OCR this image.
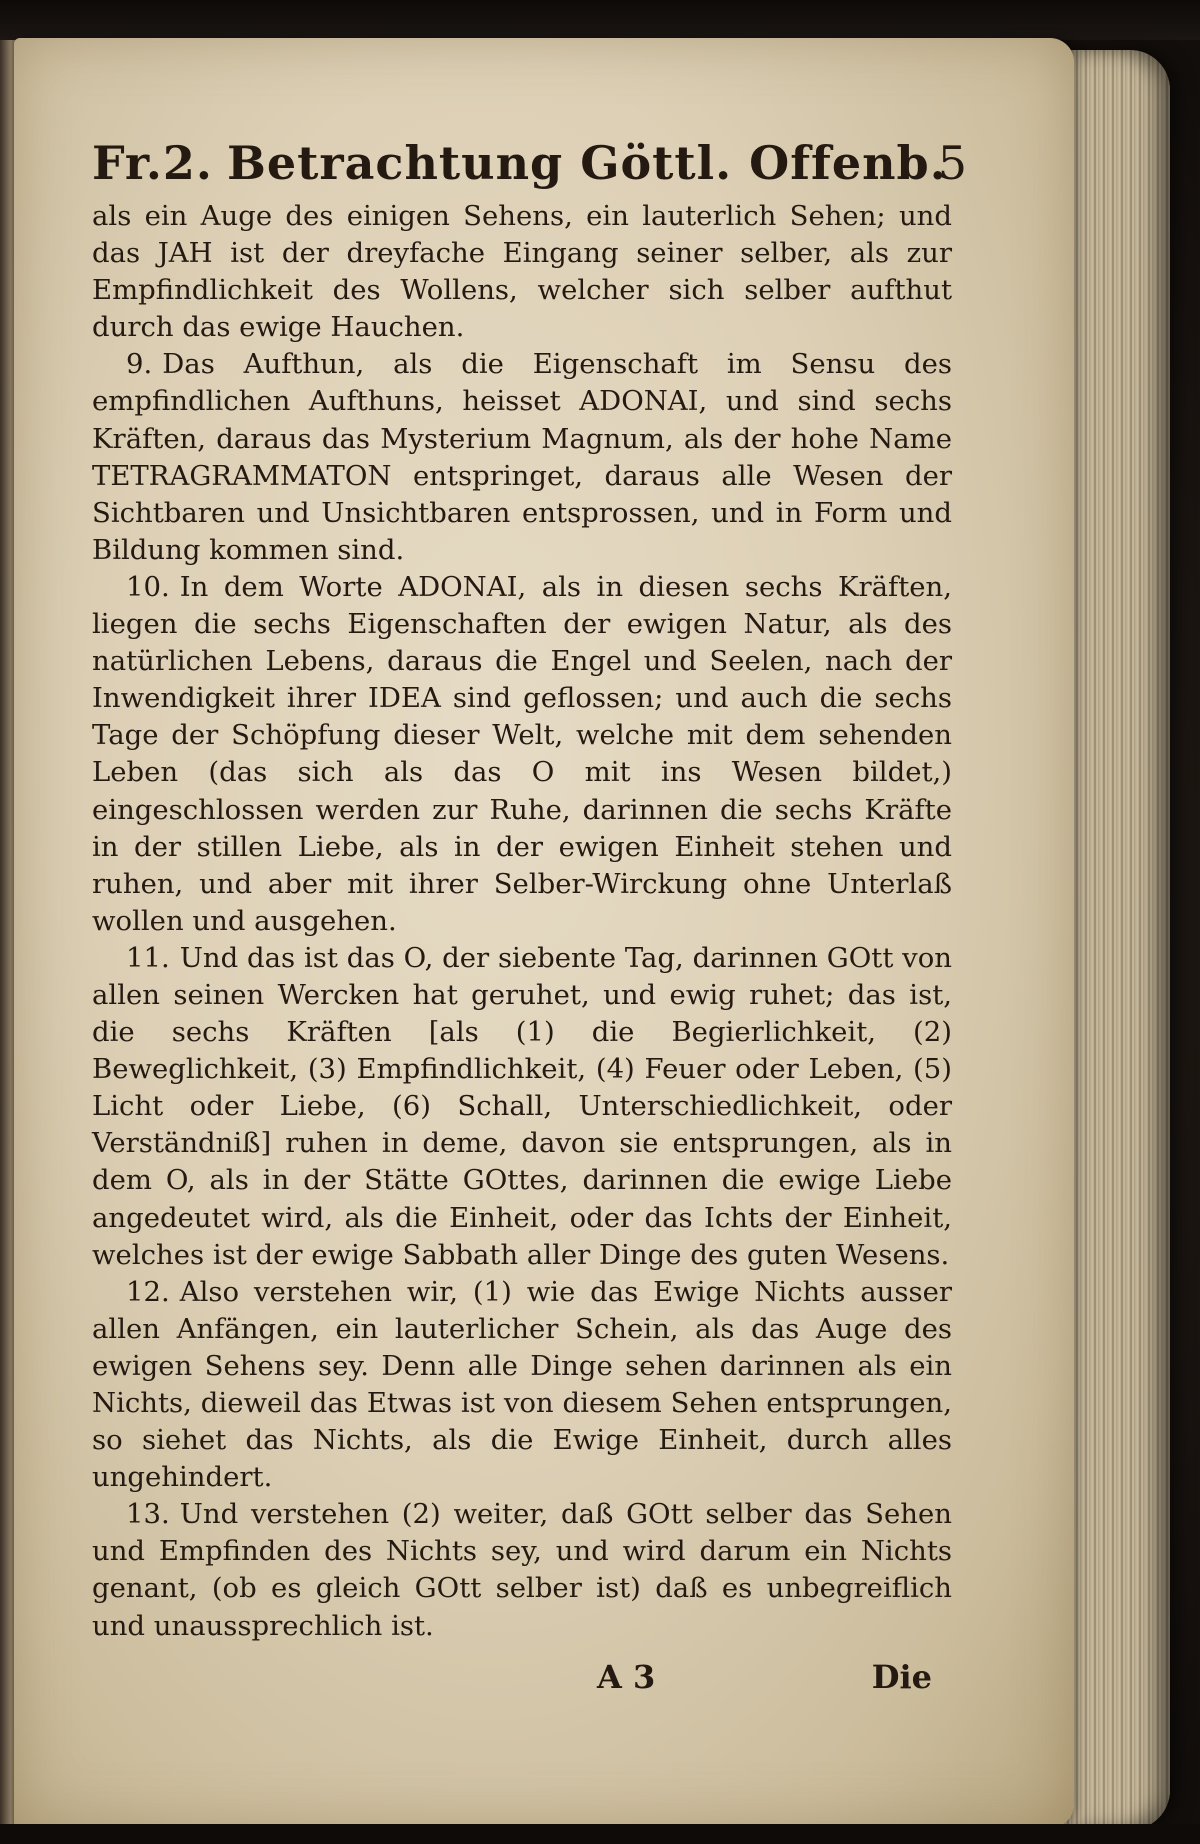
Fr.2. Betrachtung Göttl. Offenb.
5

als ein Auge des einigen Sehens, ein lauterlich Sehen; und das JAH ist der dreyfache Eingang seiner selber, als zur Empfindlichkeit des Wollens, welcher sich selber aufthut durch das ewige Hauchen.

9. Das Aufthun, als die Eigenschaft im Sensu des empfindlichen Aufthuns, heisset ADONAI, und sind sechs Kräften, daraus das Mysterium Magnum, als der hohe Name TETRAGRAMMATON entspringet, daraus alle Wesen der Sichtbaren und Unsichtbaren entsprossen, und in Form und Bildung kommen sind.

10. In dem Worte ADONAI, als in diesen sechs Kräften, liegen die sechs Eigenschaften der ewigen Natur, als des natürlichen Lebens, daraus die Engel und Seelen, nach der Inwendigkeit ihrer IDEA sind geflossen; und auch die sechs Tage der Schöpfung dieser Welt, welche mit dem sehenden Leben (das sich als das O mit ins Wesen bildet,) eingeschlossen werden zur Ruhe, darinnen die sechs Kräfte in der stillen Liebe, als in der ewigen Einheit stehen und ruhen, und aber mit ihrer Selber-Wirckung ohne Unterlaß wollen und ausgehen.

11. Und das ist das O, der siebente Tag, darinnen GOtt von allen seinen Wercken hat geruhet, und ewig ruhet; das ist, die sechs Kräften [als (1) die Begierlichkeit, (2) Beweglichkeit, (3) Empfindlichkeit, (4) Feuer oder Leben, (5) Licht oder Liebe, (6) Schall, Unterschiedlichkeit, oder Verständniß] ruhen in deme, davon sie entsprungen, als in dem O, als in der Stätte GOttes, darinnen die ewige Liebe angedeutet wird, als die Einheit, oder das Ichts der Einheit, welches ist der ewige Sabbath aller Dinge des guten Wesens.

12. Also verstehen wir, (1) wie das Ewige Nichts ausser allen Anfängen, ein lauterlicher Schein, als das Auge des ewigen Sehens sey. Denn alle Dinge sehen darinnen als ein Nichts, dieweil das Etwas ist von diesem Sehen entsprungen, so siehet das Nichts, als die Ewige Einheit, durch alles ungehindert.

13. Und verstehen (2) weiter, daß GOtt selber das Sehen und Empfinden des Nichts sey, und wird darum ein Nichts genant, (ob es gleich GOtt selber ist) daß es unbegreiflich und unaussprechlich ist.

A 3	Die
